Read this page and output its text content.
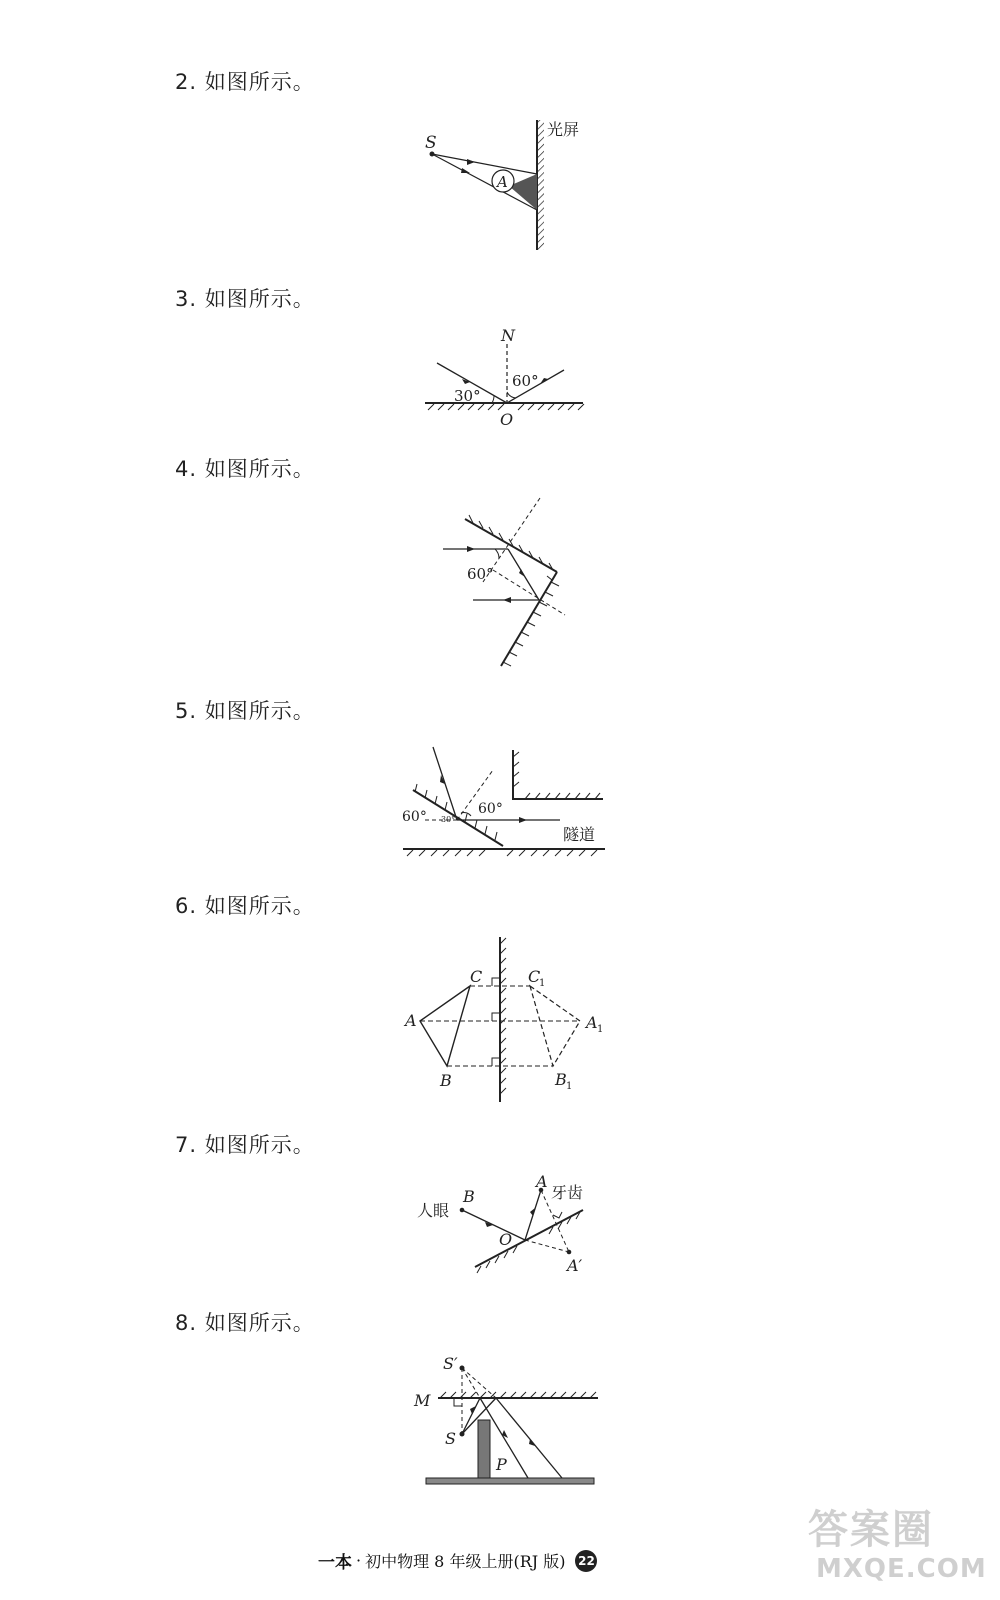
2. 如图所示。
S
A
光屏
3. 如图所示。
N
O
30°
60°
4. 如图所示。
60°
5. 如图所示。
60°	60°
30°
隧道
6. 如图所示。
C	C
1
A	A 1
B	B 1
7. 如图所示。
人眼
B
A
牙齿
O
A′
8. 如图所示。
S′
M
S
P
一本 · 初中物理 8 年级上册(RJ 版) 22
答案圈
MXQE.COM
